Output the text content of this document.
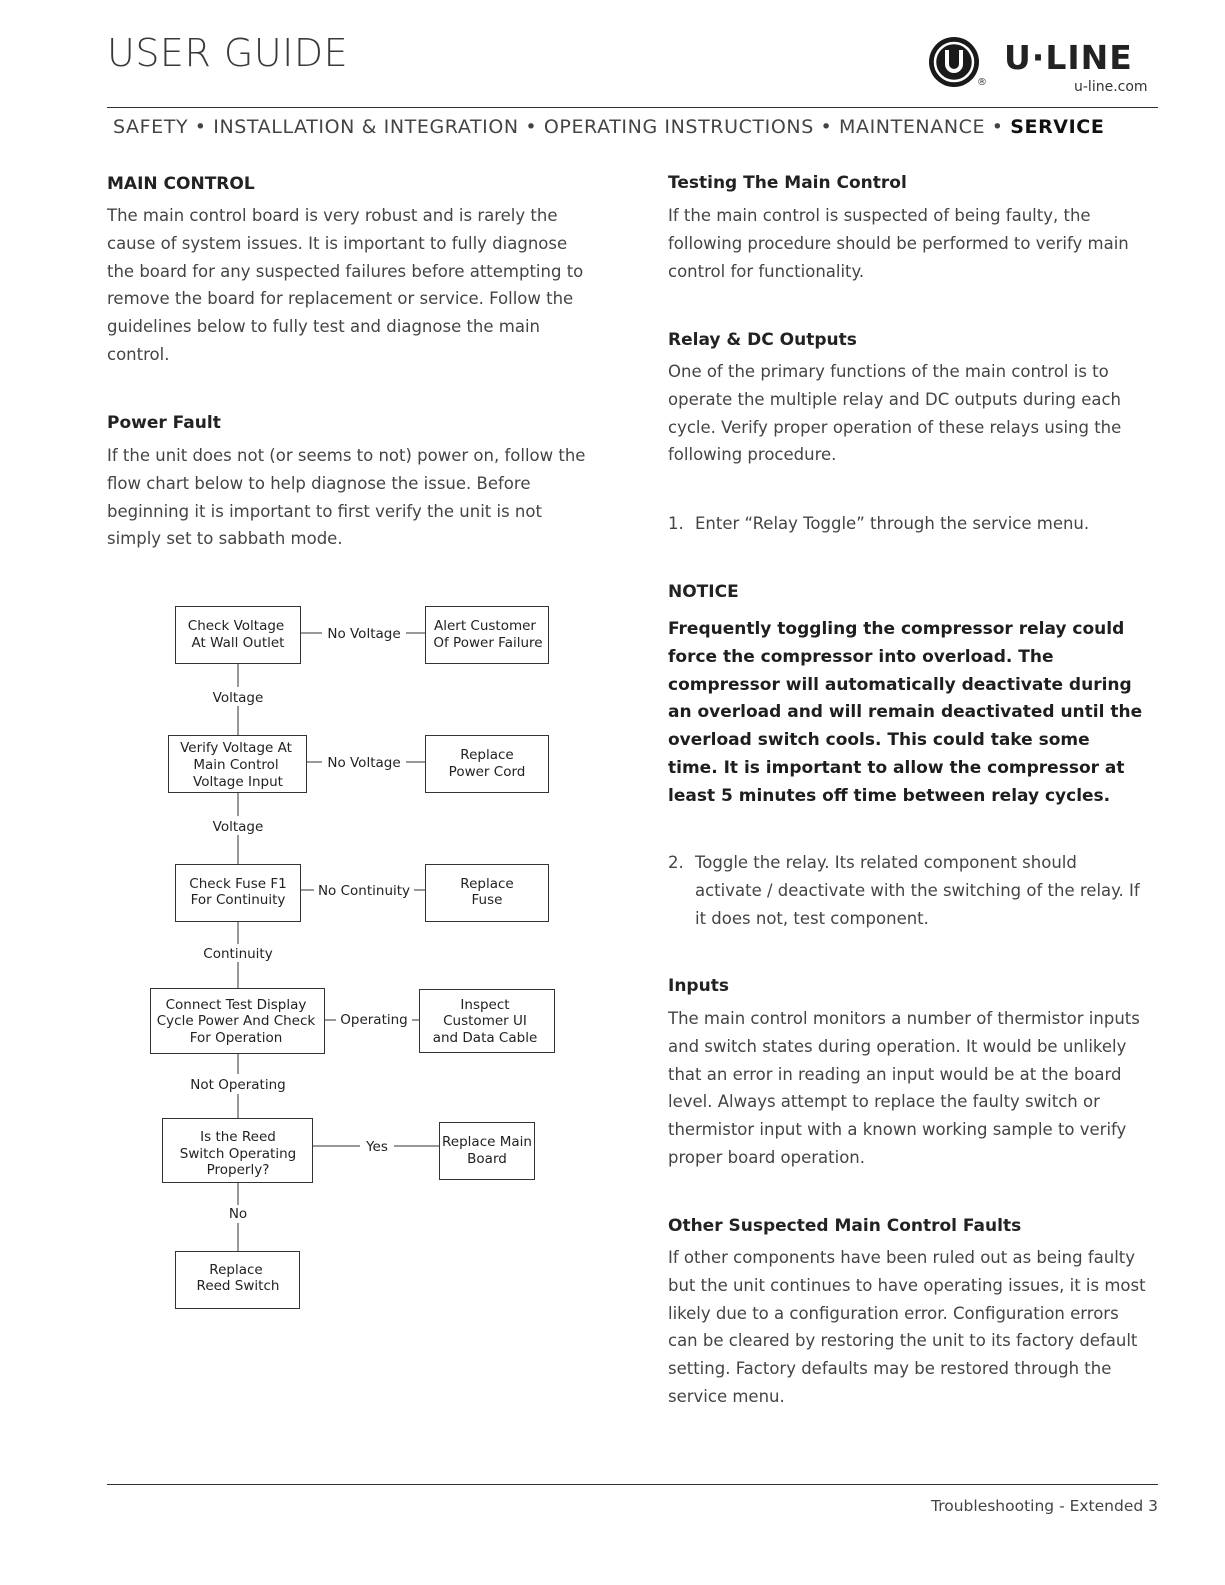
USER GUIDE
®
U·LINE
u-line.com
SAFETY • INSTALLATION & INTEGRATION • OPERATING INSTRUCTIONS • MAINTENANCE • SERVICE
MAIN CONTROL
The main control board is very robust and is rarely the
cause of system issues. It is important to fully diagnose
the board for any suspected failures before attempting to
remove the board for replacement or service. Follow the
guidelines below to fully test and diagnose the main
control.
Power Fault
If the unit does not (or seems to not) power on, follow the
flow chart below to help diagnose the issue. Before
beginning it is important to first verify the unit is not
simply set to sabbath mode.
Check Voltage
At Wall Outlet
Verify Voltage At
Main Control
Voltage Input
Check Fuse F1
For Continuity
Connect Test Display
Cycle Power And Check
For Operation
Is the Reed
Switch Operating
Properly?
Replace
Reed Switch
Alert Customer
Of Power Failure
Replace
Power Cord
Replace
Fuse
Inspect
Customer UI
and Data Cable
Replace Main
Board
No Voltage
No Voltage
No Continuity
Operating
Yes
Voltage
Voltage
Continuity
Not Operating
No
Testing The Main Control
If the main control is suspected of being faulty, the
following procedure should be performed to verify main
control for functionality.
Relay & DC Outputs
One of the primary functions of the main control is to
operate the multiple relay and DC outputs during each
cycle. Verify proper operation of these relays using the
following procedure.
1. Enter “Relay Toggle” through the service menu.
NOTICE
Frequently toggling the compressor relay could
force the compressor into overload. The
compressor will automatically deactivate during
an overload and will remain deactivated until the
overload switch cools. This could take some
time. It is important to allow the compressor at
least 5 minutes off time between relay cycles.
2. Toggle the relay. Its related component should
activate / deactivate with the switching of the relay. If
it does not, test component.
Inputs
The main control monitors a number of thermistor inputs
and switch states during operation. It would be unlikely
that an error in reading an input would be at the board
level. Always attempt to replace the faulty switch or
thermistor input with a known working sample to verify
proper board operation.
Other Suspected Main Control Faults
If other components have been ruled out as being faulty
but the unit continues to have operating issues, it is most
likely due to a configuration error. Configuration errors
can be cleared by restoring the unit to its factory default
setting. Factory defaults may be restored through the
service menu.
Troubleshooting - Extended 3
